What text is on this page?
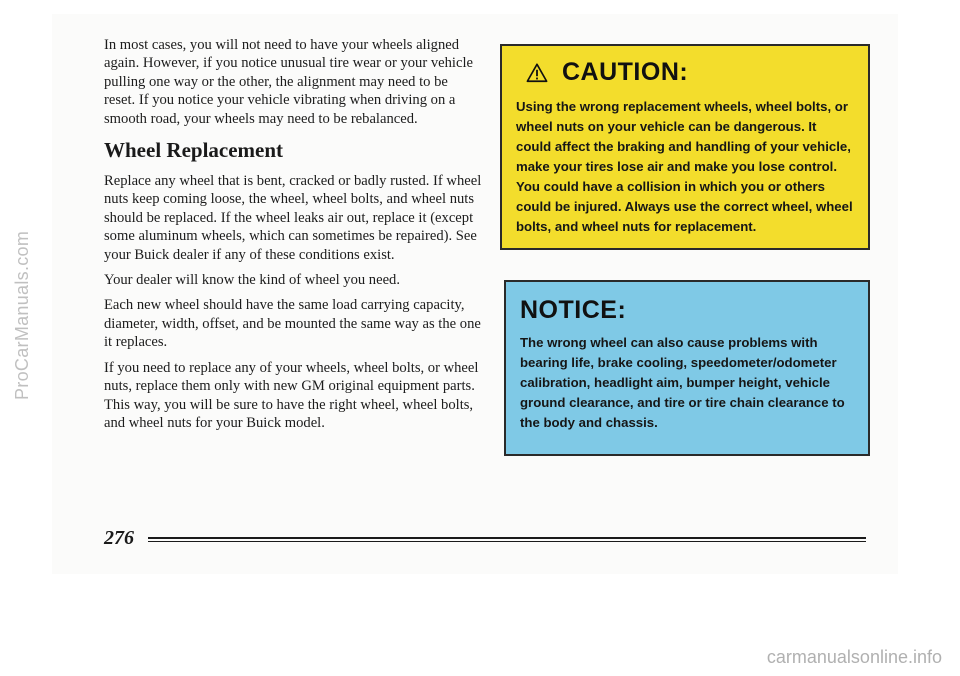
In most cases, you will not need to have your wheels aligned again. However, if you notice unusual tire wear or your vehicle pulling one way or the other, the alignment may need to be reset. If you notice your vehicle vibrating when driving on a smooth road, your wheels may need to be rebalanced.

Wheel Replacement

Replace any wheel that is bent, cracked or badly rusted. If wheel nuts keep coming loose, the wheel, wheel bolts, and wheel nuts should be replaced. If the wheel leaks air out, replace it (except some aluminum wheels, which can sometimes be repaired). See your Buick dealer if any of these conditions exist.

Your dealer will know the kind of wheel you need.

Each new wheel should have the same load carrying capacity, diameter, width, offset, and be mounted the same way as the one it replaces.

If you need to replace any of your wheels, wheel bolts, or wheel nuts, replace them only with new GM original equipment parts. This way, you will be sure to have the right wheel, wheel bolts, and wheel nuts for your Buick model.

CAUTION:
Using the wrong replacement wheels, wheel bolts, or wheel nuts on your vehicle can be dangerous. It could affect the braking and handling of your vehicle, make your tires lose air and make you lose control. You could have a collision in which you or others could be injured. Always use the correct wheel, wheel bolts, and wheel nuts for replacement.
NOTICE:
The wrong wheel can also cause problems with bearing life, brake cooling, speedometer/odometer calibration, headlight aim, bumper height, vehicle ground clearance, and tire or tire chain clearance to the body and chassis.
276
ProCarManuals.com
carmanualsonline.info
